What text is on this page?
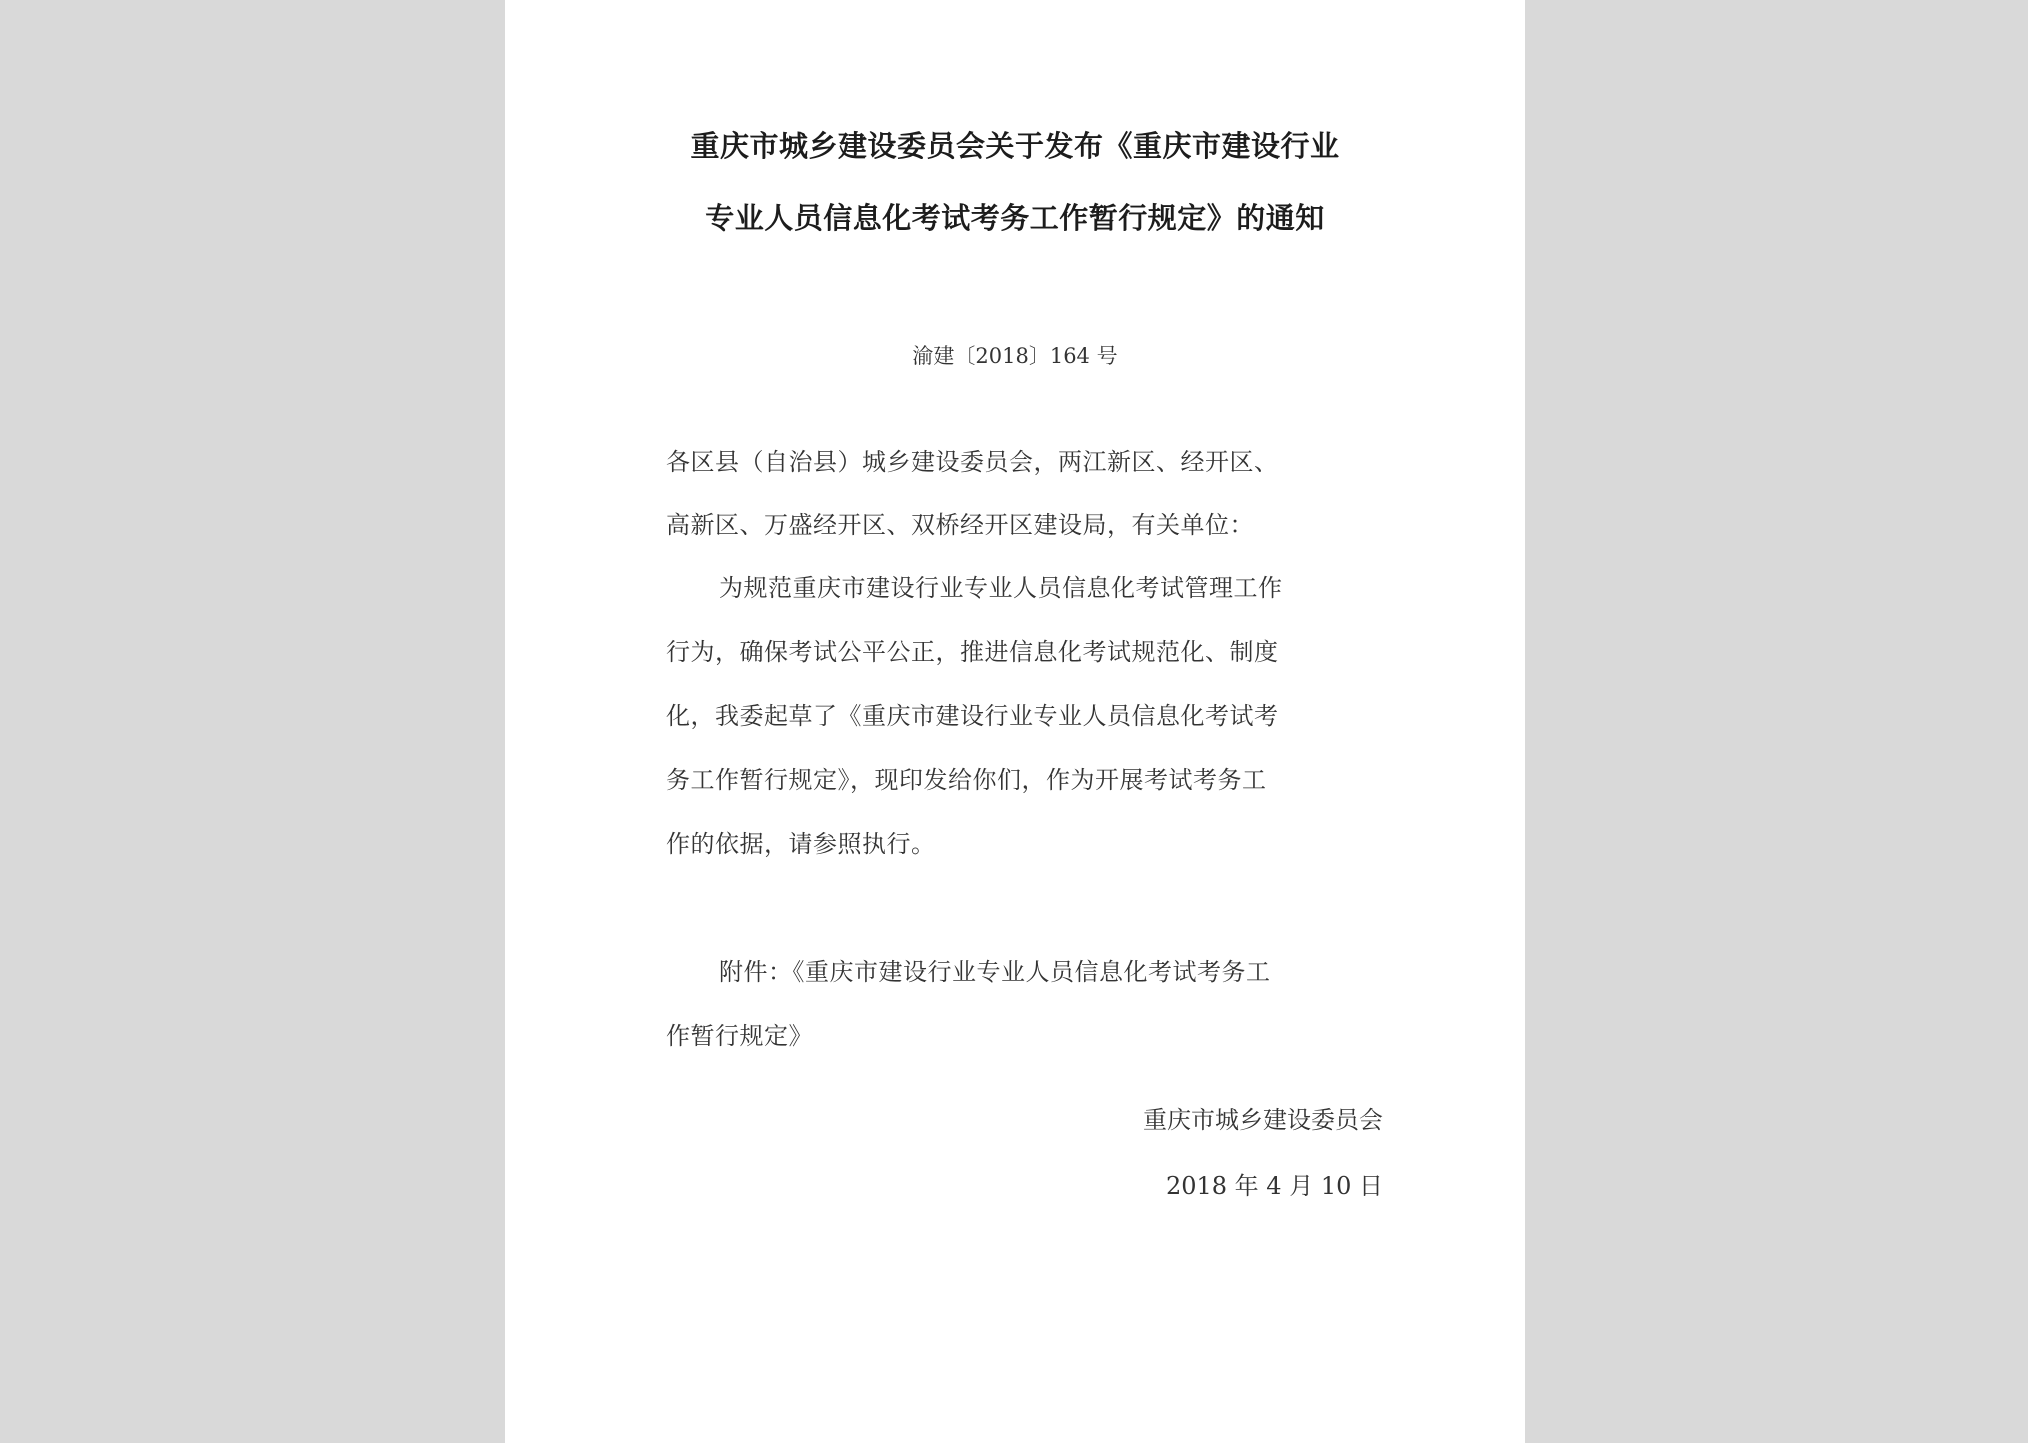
重庆市城乡建设委员会关于发布《重庆市建设行业
专业人员信息化考试考务工作暂行规定》的通知
渝建〔2018〕164 号
各区县（自治县）城乡建设委员会，两江新区、经开区、
高新区、万盛经开区、双桥经开区建设局，有关单位：
为规范重庆市建设行业专业人员信息化考试管理工作
行为，确保考试公平公正，推进信息化考试规范化、制度
化，我委起草了《重庆市建设行业专业人员信息化考试考
务工作暂行规定》，现印发给你们，作为开展考试考务工
作的依据，请参照执行。
附件：《重庆市建设行业专业人员信息化考试考务工
作暂行规定》
重庆市城乡建设委员会
2018 年 4 月 10 日
